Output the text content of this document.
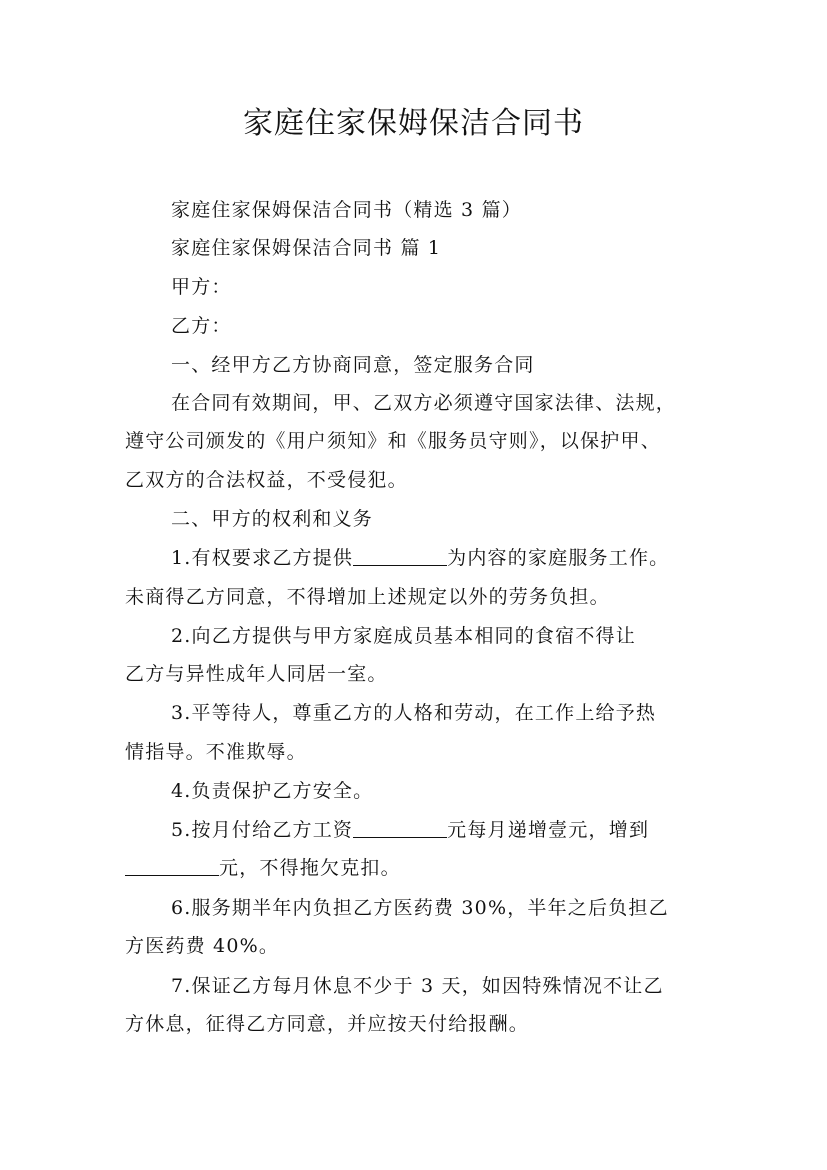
家庭住家保姆保洁合同书
家庭住家保姆保洁合同书（精选 3 篇）
家庭住家保姆保洁合同书 篇 1
甲方：
乙方：
一、经甲方乙方协商同意，签定服务合同
在合同有效期间，甲、乙双方必须遵守国家法律、法规，
遵守公司颁发的《用户须知》和《服务员守则》，以保护甲、
乙双方的合法权益，不受侵犯。
二、甲方的权利和义务
1.有权要求乙方提供	为内容的家庭服务工作。
未商得乙方同意，不得增加上述规定以外的劳务负担。
2.向乙方提供与甲方家庭成员基本相同的食宿不得让
乙方与异性成年人同居一室。
3.平等待人，尊重乙方的人格和劳动，在工作上给予热
情指导。不准欺辱。
4.负责保护乙方安全。
5.按月付给乙方工资	元每月递增壹元，增到
元，不得拖欠克扣。
6.服务期半年内负担乙方医药费 30%，半年之后负担乙
方医药费 40%。
7.保证乙方每月休息不少于 3 天，如因特殊情况不让乙
方休息，征得乙方同意，并应按天付给报酬。
